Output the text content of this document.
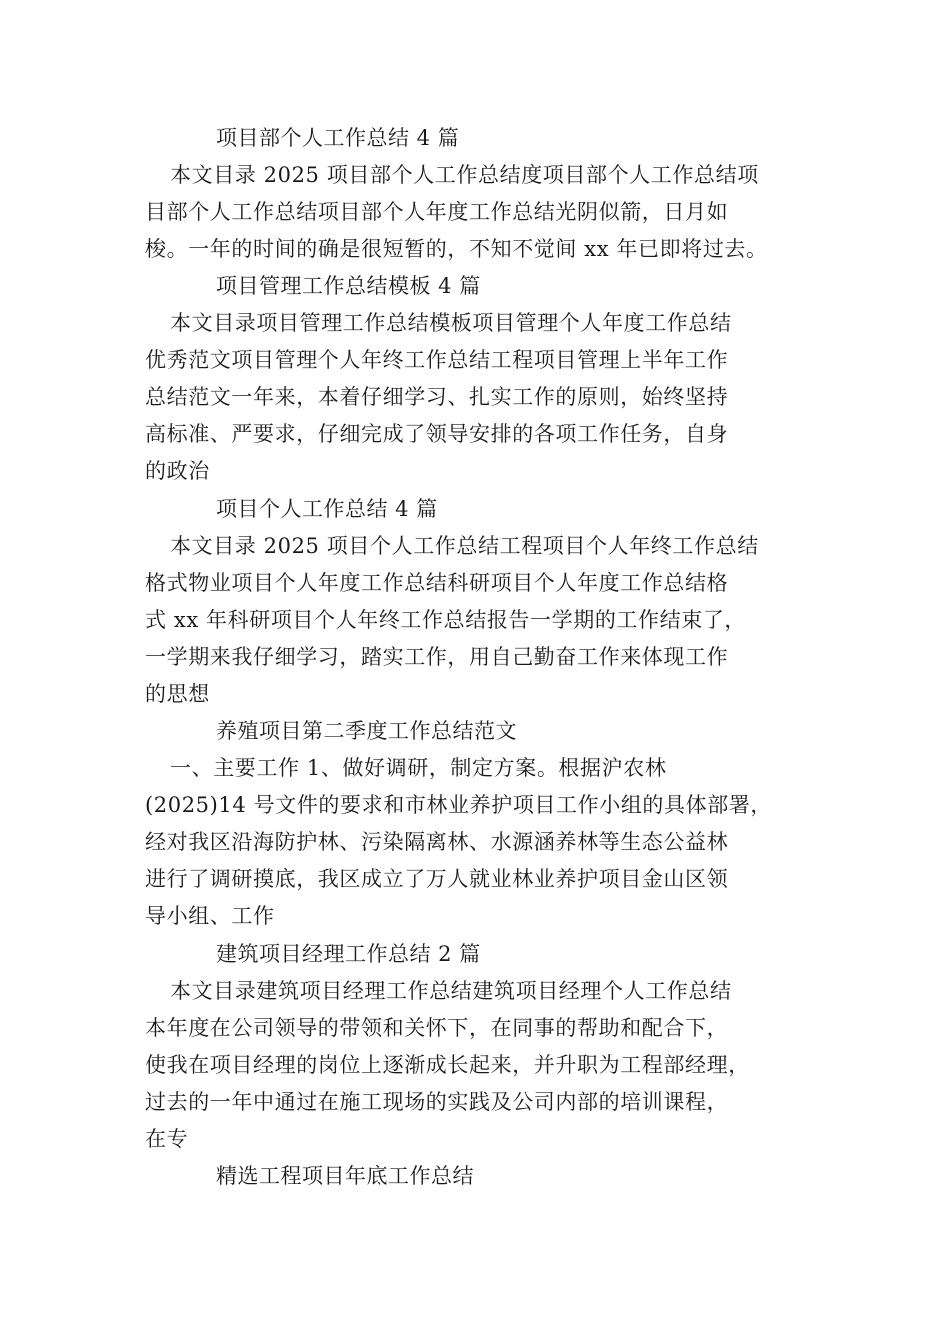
项目部个人工作总结 4 篇
本文目录 2025 项目部个人工作总结度项目部个人工作总结项
目部个人工作总结项目部个人年度工作总结光阴似箭，日月如
梭。一年的时间的确是很短暂的，不知不觉间 xx 年已即将过去。
项目管理工作总结模板 4 篇
本文目录项目管理工作总结模板项目管理个人年度工作总结
优秀范文项目管理个人年终工作总结工程项目管理上半年工作
总结范文一年来，本着仔细学习、扎实工作的原则，始终坚持
高标准、严要求，仔细完成了领导安排的各项工作任务，自身
的政治
项目个人工作总结 4 篇
本文目录 2025 项目个人工作总结工程项目个人年终工作总结
格式物业项目个人年度工作总结科研项目个人年度工作总结格
式 xx 年科研项目个人年终工作总结报告一学期的工作结束了，
一学期来我仔细学习，踏实工作，用自己勤奋工作来体现工作
的思想
养殖项目第二季度工作总结范文
一、主要工作 1、做好调研，制定方案。根据沪农林
(2025)14 号文件的要求和市林业养护项目工作小组的具体部署，
经对我区沿海防护林、污染隔离林、水源涵养林等生态公益林
进行了调研摸底，我区成立了万人就业林业养护项目金山区领
导小组、工作
建筑项目经理工作总结 2 篇
本文目录建筑项目经理工作总结建筑项目经理个人工作总结
本年度在公司领导的带领和关怀下，在同事的帮助和配合下，
使我在项目经理的岗位上逐渐成长起来，并升职为工程部经理，
过去的一年中通过在施工现场的实践及公司内部的培训课程，
在专
精选工程项目年底工作总结
